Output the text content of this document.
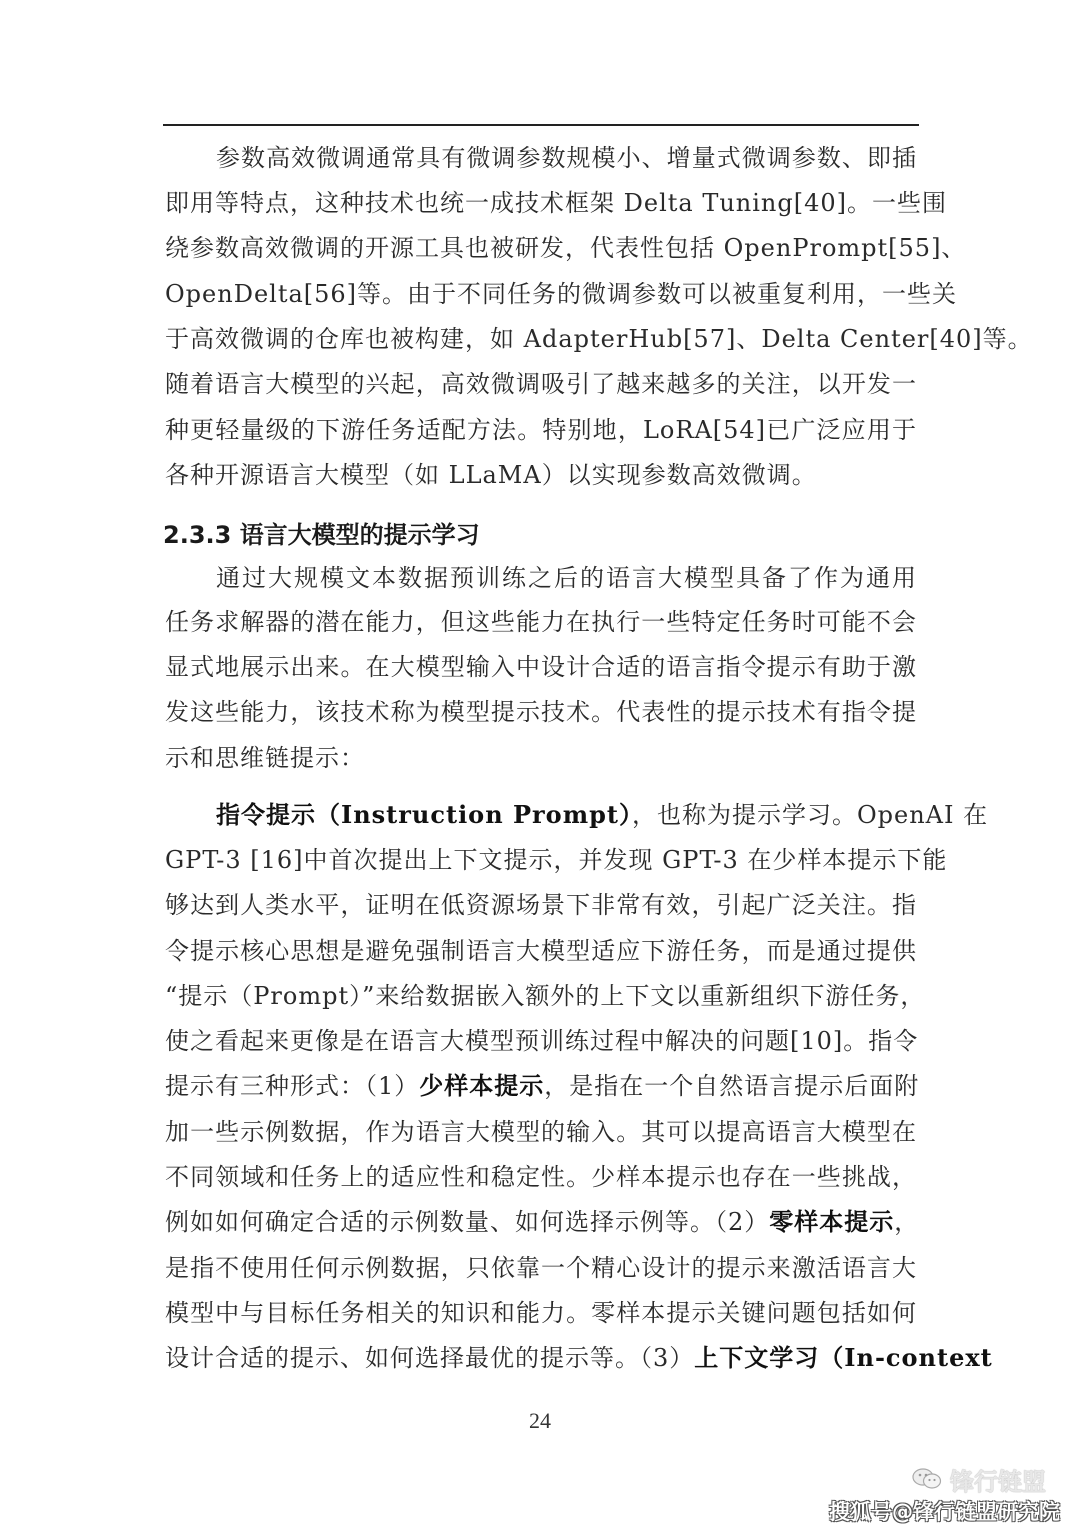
参数高效微调通常具有微调参数规模小、增量式微调参数、即插
即用等特点，这种技术也统一成技术框架 Delta Tuning[40]。一些围
绕参数高效微调的开源工具也被研发，代表性包括 OpenPrompt[55]、
OpenDelta[56]等。由于不同任务的微调参数可以被重复利用，一些关
于高效微调的仓库也被构建，如 AdapterHub[57]、Delta Center[40]等。
随着语言大模型的兴起，高效微调吸引了越来越多的关注，以开发一
种更轻量级的下游任务适配方法。特别地，LoRA[54]已广泛应用于
各种开源语言大模型（如 LLaMA）以实现参数高效微调。
2.3.3 语言大模型的提示学习
通过大规模文本数据预训练之后的语言大模型具备了作为通用
任务求解器的潜在能力，但这些能力在执行一些特定任务时可能不会
显式地展示出来。在大模型输入中设计合适的语言指令提示有助于激
发这些能力，该技术称为模型提示技术。代表性的提示技术有指令提
示和思维链提示：
指令提示（Instruction Prompt），也称为提示学习。OpenAI 在
GPT-3 [16]中首次提出上下文提示，并发现 GPT-3 在少样本提示下能
够达到人类水平，证明在低资源场景下非常有效，引起广泛关注。指
令提示核心思想是避免强制语言大模型适应下游任务，而是通过提供
“提示（Prompt）”来给数据嵌入额外的上下文以重新组织下游任务，
使之看起来更像是在语言大模型预训练过程中解决的问题[10]。指令
提示有三种形式：（1）少样本提示，是指在一个自然语言提示后面附
加一些示例数据，作为语言大模型的输入。其可以提高语言大模型在
不同领域和任务上的适应性和稳定性。少样本提示也存在一些挑战，
例如如何确定合适的示例数量、如何选择示例等。（2）零样本提示，
是指不使用任何示例数据，只依靠一个精心设计的提示来激活语言大
模型中与目标任务相关的知识和能力。零样本提示关键问题包括如何
设计合适的提示、如何选择最优的提示等。（3）上下文学习（In-context
24
锋行链盟
搜狐号@锋行链盟研究院
